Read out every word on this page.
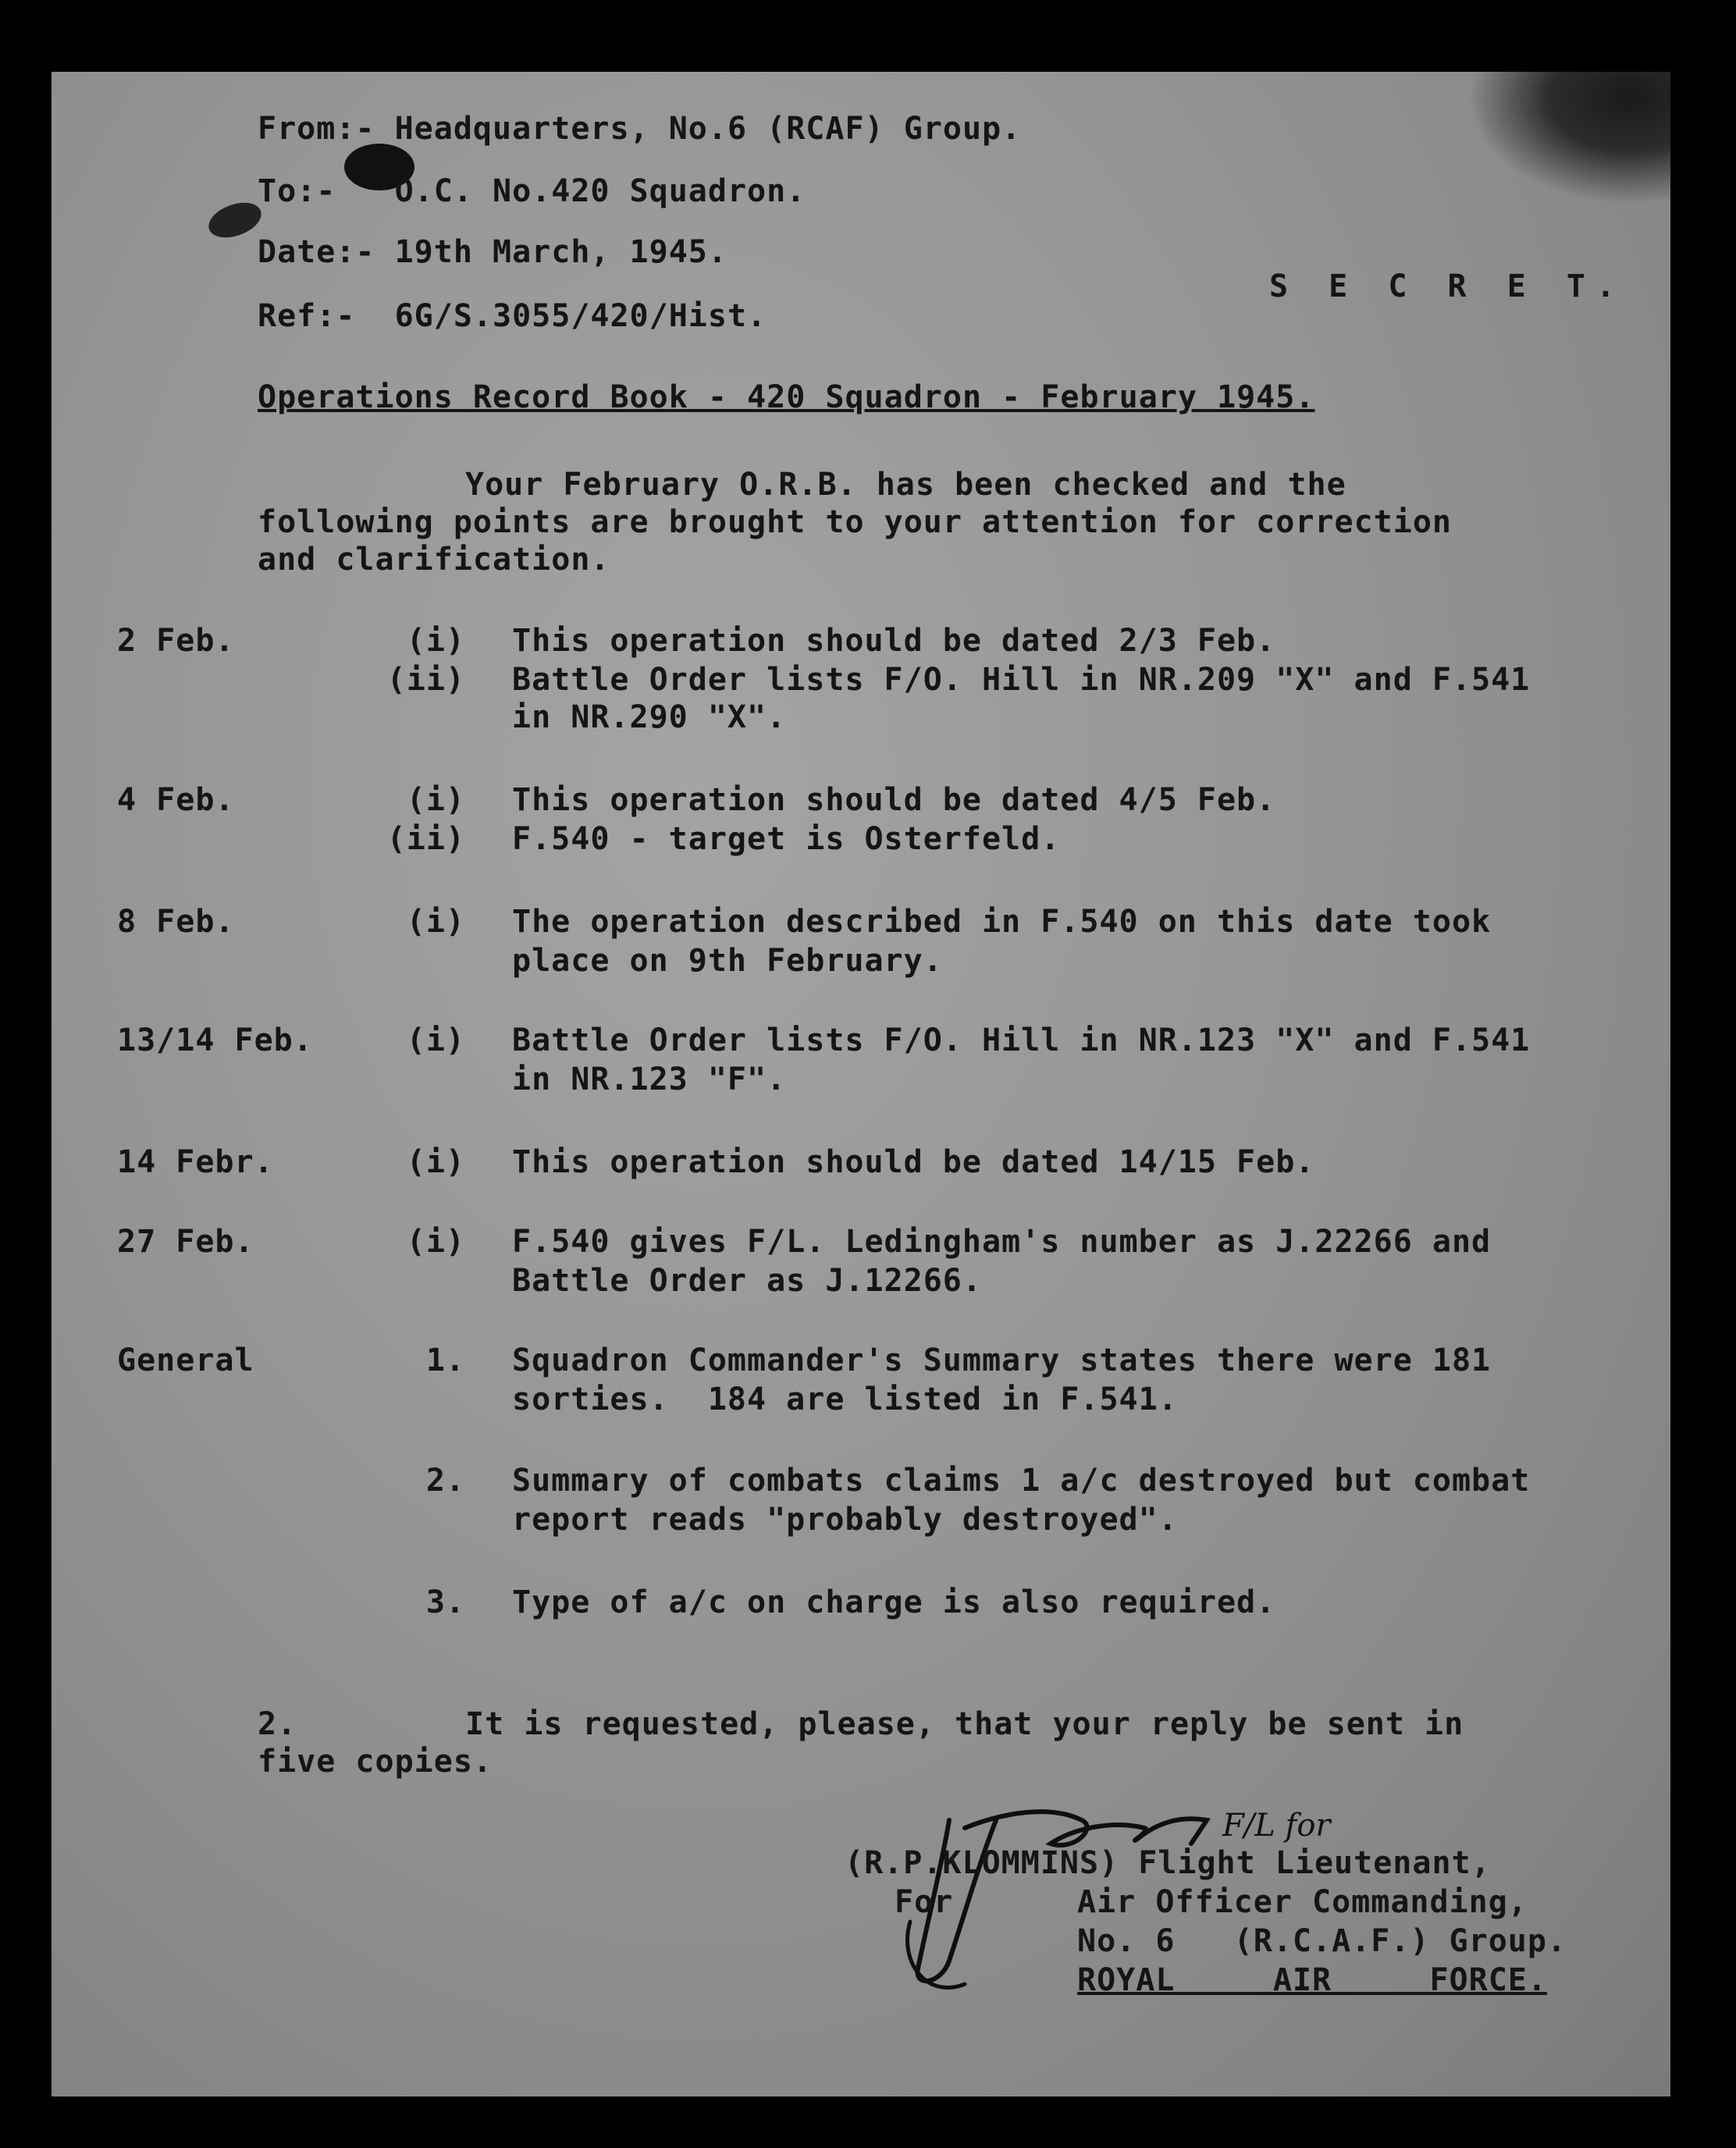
From:- Headquarters, No.6 (RCAF) Group.
To:-   O.C. No.420 Squadron.
Date:- 19th March, 1945.
Ref:-  6G/S.3055/420/Hist.
S E C R E T.
Operations Record Book - 420 Squadron - February 1945.
Your February O.R.B. has been checked and the
following points are brought to your attention for correction
and clarification.
2 Feb.	(i) This operation should be dated 2/3 Feb.
(ii) Battle Order lists F/O. Hill in NR.209 "X" and F.541
in NR.290 "X".
4 Feb.	(i) This operation should be dated 4/5 Feb.
(ii) F.540 - target is Osterfeld.
8 Feb.	(i) The operation described in F.540 on this date took
place on 9th February.
13/14 Feb.	(i) Battle Order lists F/O. Hill in NR.123 "X" and F.541
in NR.123 "F".
14 Febr.	(i) This operation should be dated 14/15 Feb.
27 Feb.	(i) F.540 gives F/L. Ledingham's number as J.22266 and
Battle Order as J.12266.
General	1. Squadron Commander's Summary states there were 181
sorties.  184 are listed in F.541.
2. Summary of combats claims 1 a/c destroyed but combat
report reads "probably destroyed".
3. Type of a/c on charge is also required.
2.	It is requested, please, that your reply be sent in
five copies.
F/L for
(R.P.KLOMMINS) Flight Lieutenant,
For	Air Officer Commanding,
No. 6   (R.C.A.F.) Group.
ROYAL     AIR     FORCE.
